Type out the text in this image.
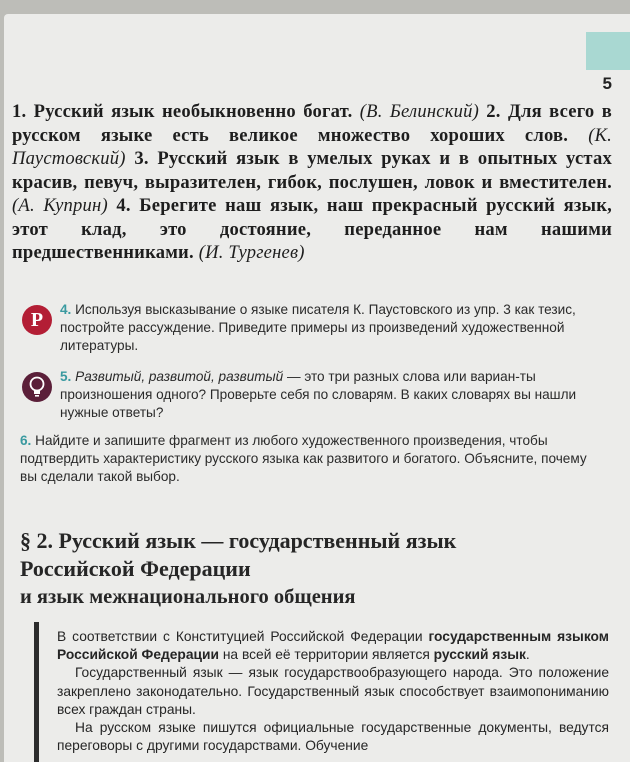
5
1. Русский язык необыкновенно богат. (В. Белинский) 2. Для всего в русском языке есть великое множество хороших слов. (К. Паустовский) 3. Русский язык в умелых руках и в опытных устах красив, певуч, выразителен, гибок, послушен, ловок и вместителен. (А. Куприн) 4. Берегите наш язык, наш прекрасный русский язык, этот клад, это достояние, переданное нам нашими предшественниками. (И. Тургенев)
Р	4. Используя высказывание о языке писателя К. Паустовского из упр. 3 как тезис, постройте рассуждение. Приведите примеры из произведений художественной литературы.
5. Развитый, развитой, развитый — это три разных слова или вариан-ты произношения одного? Проверьте себя по словарям. В каких словарях вы нашли нужные ответы?
6. Найдите и запишите фрагмент из любого художественного произведения, чтобы подтвердить характеристику русского языка как развитого и богатого. Объясните, почему вы сделали такой выбор.
§ 2. Русский язык — государственный язык
Российской Федерации
и язык межнационального общения

В соответствии с Конституцией Российской Федерации государственным языком Российской Федерации на всей её территории является русский язык.

Государственный язык — язык государствообразующего народа. Это положение закреплено законодательно. Государственный язык способствует взаимопониманию всех граждан страны.

На русском языке пишутся официальные государственные документы, ведутся переговоры с другими государствами. Обучение
